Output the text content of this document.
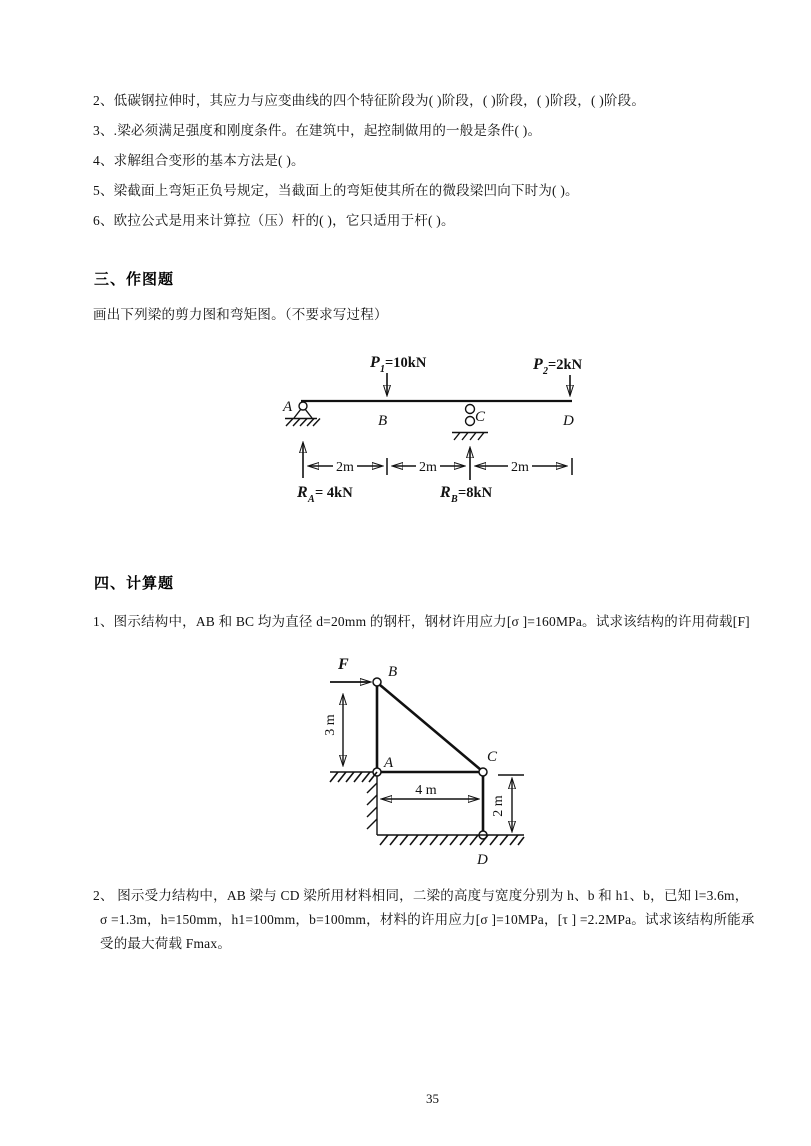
2、低碳钢拉伸时，其应力与应变曲线的四个特征阶段为( )阶段，( )阶段，( )阶段，( )阶段。
3、.梁必须满足强度和刚度条件。在建筑中，起控制做用的一般是条件( )。
4、求解组合变形的基本方法是( )。
5、梁截面上弯矩正负号规定，当截面上的弯矩使其所在的微段梁凹向下时为( )。
6、欧拉公式是用来计算拉（压）杆的( )，它只适用于杆( )。
三、作图题
画出下列梁的剪力图和弯矩图。（不要求写过程）
P 1 =10kN	P 2 =2kN
A
B	C	D
2m	2m	2m
R A = 4kN	R B =8kN
四、计算题
1、图示结构中，AB 和 BC 均为直径 d=20mm 的钢杆，钢材许用应力[σ ]=160MPa。试求该结构的许用荷载[F]
F	B
A	C
D
3 m
4 m
2 m
2、 图示受力结构中，AB 梁与 CD 梁所用材料相同，二梁的高度与宽度分别为 h、b 和 h1、b，已知 l=3.6m，
σ =1.3m，h=150mm，h1=100mm，b=100mm，材料的许用应力[σ ]=10MPa，[τ ] =2.2MPa。试求该结构所能承
受的最大荷载 Fmax。
35
